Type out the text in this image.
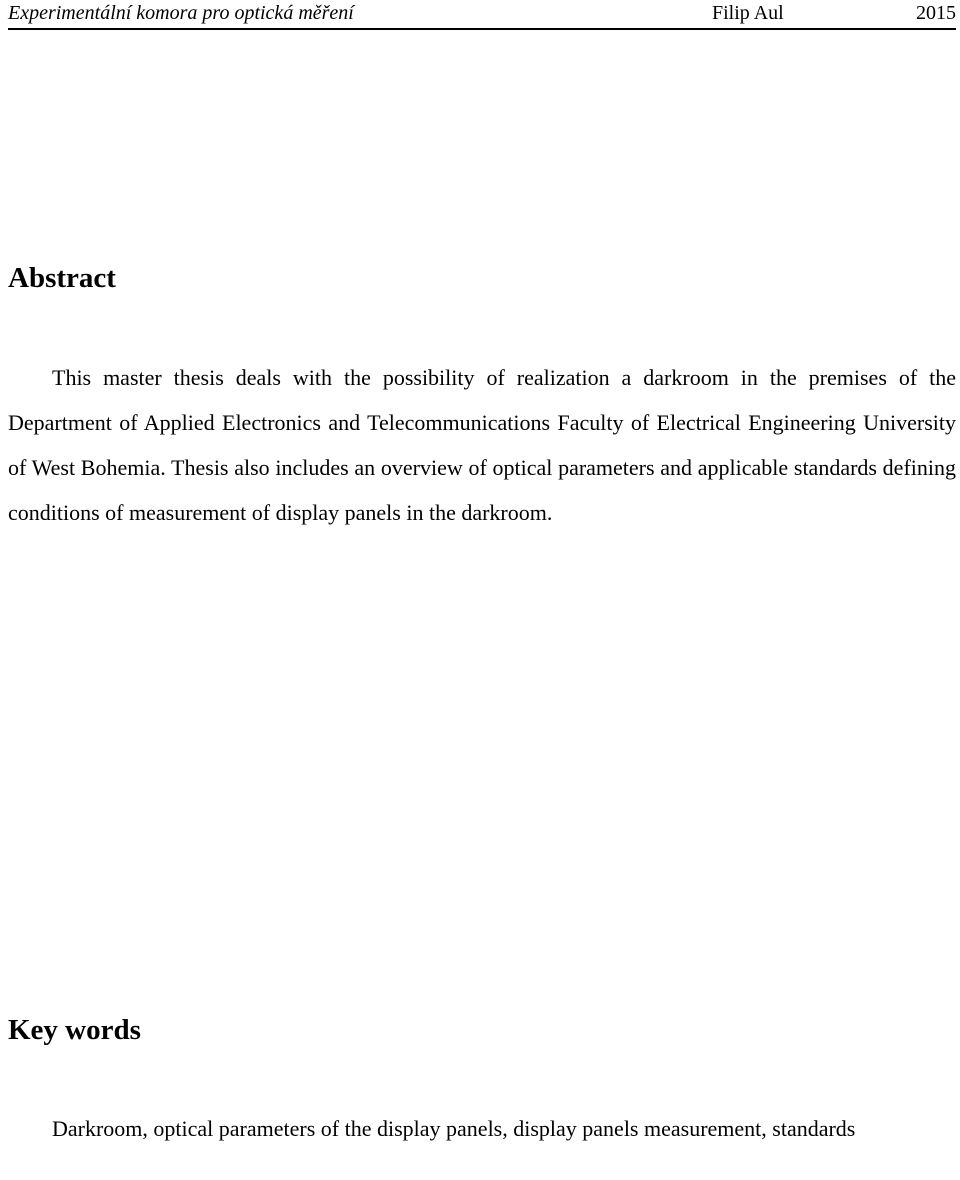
Experimentální komora pro optická měření	Filip Aul	2015
Abstract

This master thesis deals with the possibility of realization a darkroom in the premises of the Department of Applied Electronics and Telecommunications Faculty of Electrical Engineering University of West Bohemia. Thesis also includes an overview of optical parameters and applicable standards defining conditions of measurement of display panels in the darkroom.

Key words

Darkroom, optical parameters of the display panels, display panels measurement, standards
